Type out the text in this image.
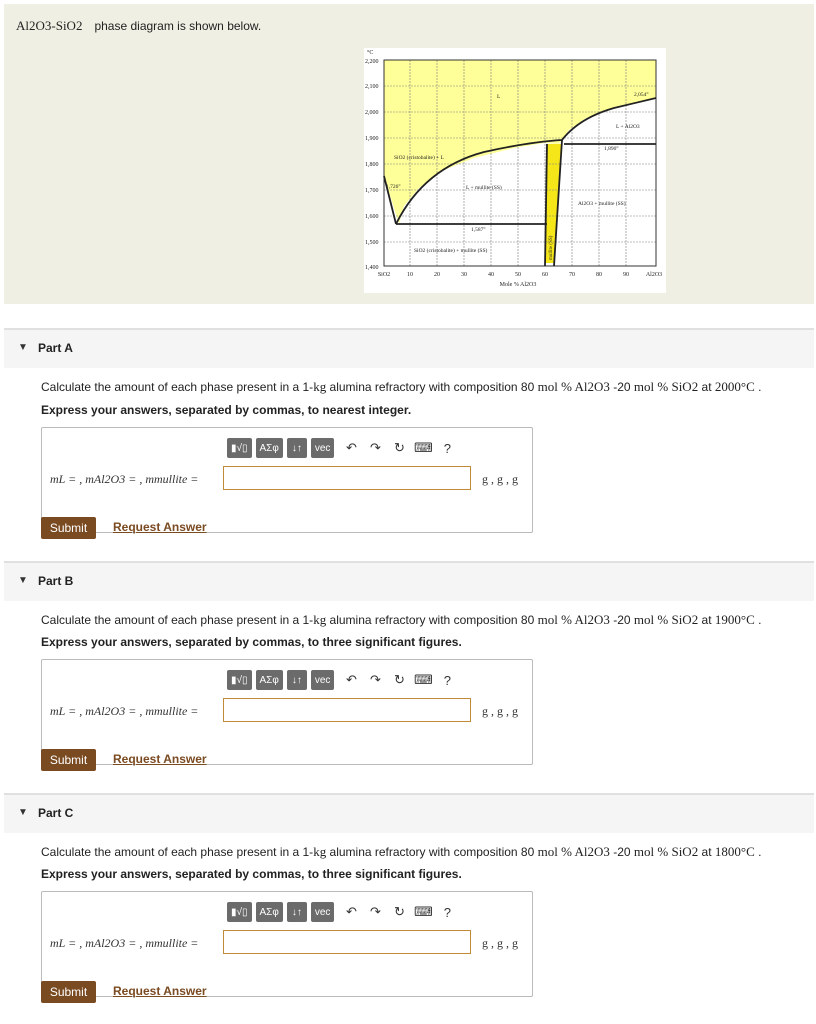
Al2O3-SiO2 phase diagram is shown below.
°C
2,200
2,100
2,000
1,900
1,800
1,700
1,600
1,500
1,400
SiO2	10	20	30	40	50	60	70	80	90	Al2O3
Mole % Al2O3
L
L + Al2O3
SiO2 (cristobalite) + L
L + mullite (SS)
Al2O3 + mullite (SS)
SiO2 (cristobalite) + mullite (SS)
2,054°
1,890°
1,726°
1,587°
mullite (SS)
▼ Part A
Calculate the amount of each phase present in a 1-kg alumina refractory with composition 80 mol % Al2O3 -20 mol % SiO2 at 2000°C .
Express your answers, separated by commas, to nearest integer.
▮√▯	ΑΣφ	↓↑	vec	↶	↷	↻ ⌨ ?
mL = , mAl2O3 = , mmullite =	g , g , g
Submit	Request Answer
▼ Part B
Calculate the amount of each phase present in a 1-kg alumina refractory with composition 80 mol % Al2O3 -20 mol % SiO2 at 1900°C .
Express your answers, separated by commas, to three significant figures.
▮√▯	ΑΣφ	↓↑	vec	↶	↷	↻ ⌨ ?
mL = , mAl2O3 = , mmullite =	g , g , g
Submit	Request Answer
▼ Part C
Calculate the amount of each phase present in a 1-kg alumina refractory with composition 80 mol % Al2O3 -20 mol % SiO2 at 1800°C .
Express your answers, separated by commas, to three significant figures.
▮√▯	ΑΣφ	↓↑	vec	↶	↷	↻ ⌨ ?
mL = , mAl2O3 = , mmullite =	g , g , g
Submit	Request Answer
